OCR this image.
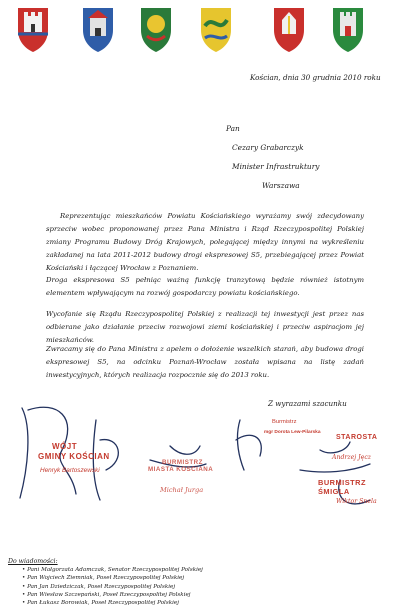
Kościan, dnia 30 grudnia 2010 roku
Pan
Cezary Grabarczyk
Minister Infrastruktury
Warszawa

Reprezentując mieszkańców Powiatu Kościańskiego wyrażamy swój zdecydowany sprzeciw wobec proponowanej przez Pana Ministra i Rząd Rzeczypospolitej Polskiej zmiany Programu Budowy Dróg Krajowych, polegającej między innymi na wykreśleniu zakładanej na lata 2011-2012 budowy drogi ekspresowej S5, przebiegającej przez Powiat Kościański i łączącej Wrocław z Poznaniem.

Droga ekspresowa S5 pełniąc ważną funkcję tranzytową będzie również istotnym elementem wpływającym na rozwój gospodarczy powiatu kościańskiego.

Wycofanie się Rządu Rzeczypospolitej Polskiej z realizacji tej inwestycji jest przez nas odbierane jako działanie przeciw rozwojowi ziemi kościańskiej i przeciw aspiracjom jej mieszkańców.

Zwracamy się do Pana Ministra z apelem o dołożenie wszelkich starań, aby budowa drogi ekspresowej S5, na odcinku Poznań-Wrocław została wpisana na listę zadań inwestycyjnych, których realizacja rozpocznie się do 2013 roku.

Z wyrazami szacunku
WÓJT
GMINY KOŚCIAN
Henryk Bartoszewski
BURMISTRZ
MIASTA KOŚCIANA
Michał Jurga
Burmistrz
mgr Dorota Lew-Pilarska
STAROSTA
Andrzej Jęcz
BURMISTRZ ŚMIGLA
Wiktor Snela
Do wiadomości:
• Pani Małgorzata Adamczak, Senator Rzeczypospolitej Polskiej
• Pan Wojciech Ziemniak, Poseł Rzeczypospolitej Polskiej
• Pan Jan Dziedziczak, Poseł Rzeczypospolitej Polskiej
• Pan Wiesław Szczepański, Poseł Rzeczypospolitej Polskiej
• Pan Łukasz Borowiak, Poseł Rzeczypospolitej Polskiej
